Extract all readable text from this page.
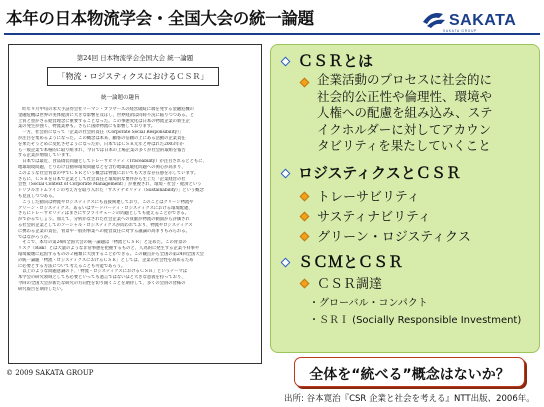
本年の日本物流学会・全国大会の統一論題	SAKATA
SAKATA GROUP
第24回 日本物流学会全国大会 統一論題
「物流・ロジスティクスにおけるＣＳＲ」
統一論題の趣旨
　昨年９月中旬の米大手証券会社リーマン・ブラザーズの経営破綻に端を発する金融危機の
金融危機は世界の実体経済に大きな影響を及ぼし、世界経済は同時不況に陥りつつある。と
上質と豊かさる経営理念に重要することなった。この事態変化は日本の物流企業の新生企
業の発生が強く、物流業界も、さらに国際物流にも影響しております。
　一方、社会的になって「企業の社会的責任（Corporate Social Responsibility）」
が注目を集めるようになった。この概念は本来、顧客の信頼の上にある活動の企業責任
を果たそうとめに変化させようになったが、日本ではＣＳＲ元年と呼ばれた2003年か
ら一般企業で本格的に取り組まれ、今日では日本の上場企業の多くが社会的取組を報告
する企業が増加しています。
　日本では最近、食品偽装問題としてトレーサビリティ（Traceability）が注目されるとともに、
地球環境問題、とりわけ自動車環境問題などを含む地球温暖化問題への関心が高まり、
このような社会背景の中でＣＳＲという概念は物流においても大きな存在感を示しています。
さらに、ＣＳＲを日本で企業として社会責任と環境的な要件から生じた「企業経営の社
会性（Social Context of Corporate Management）」が重視され、環境・社会・経済という
トリプルボトムラインの考え方を取り入れた「サステナビリティ（Sustainability）」という概念
も見直しつつある。
　こうした動向は物流やロジスティクスにも直接関連しており、このことはグリーン物流や
グリーン・ロジスティクス、あるいはサードパーティ・ロジスティクスにおける環境配慮、
さらにトレーサビリティはまさにサプライチェーンの問題としても捉えることができる。
がでかるでしょう。加えて、分析がなされた社会企業への貢献が物流の側面から評価され
る社会的企業としてのソーシャル・ロジスティクスが問われており、物流やロジスティクス
に携わる企業の責任、背景や一般的事業への経営責任に対する議論の高まりもみられる。
ではなかろうか。
　そこで、本年の第24回全国大会の統一論題は「物流とＣＳＲ」と定めた。この背景の
リスク（Risk）とは大量のような非常事態を把握するものと、人為的に発生する企業不祥事や
環境破壊に起因するものの２種類に大別することができる。この観点から全国の第24回全国大会
の統一論題「物流・ロジスティクスにおけるＣＳＲ」としては、企業の社会性を高めるため
に必要とする方法について考えることも可能であろう。
　以上のような問題意識の下、「物流・ロジスティクスにおけるＣＳＲ」というテーマは
本学会の研究領域としても必要といっても過言ではないほど大きな意義を持っており、
今回の全国大会が新たな研究の方向性を切り開くことを期待して、多くの会員の皆様の
研究報告を期待したい。
© 2009 SAKATA GROUP
ＣＳＲとは
企業活動のプロセスに社会的に
社会的公正性や倫理性、環境や
人権への配慮を組み込み、ステ
イクホルダーに対してアカウン
タビリティを果たしていくこと
ロジスティクスとＣＳＲ
トレーサビリティ
サスティナビリティ
グリーン・ロジスティクス
ＳＣＭとＣＳＲ
ＣＳＲ調達
・グローバル・コンパクト
・ＳＲＩ (Socially Responsible Investment)
全体を“統べる”概念はないか？
出所: 谷本寛治『CSR 企業と社会を考える』NTT出版、2006年。
